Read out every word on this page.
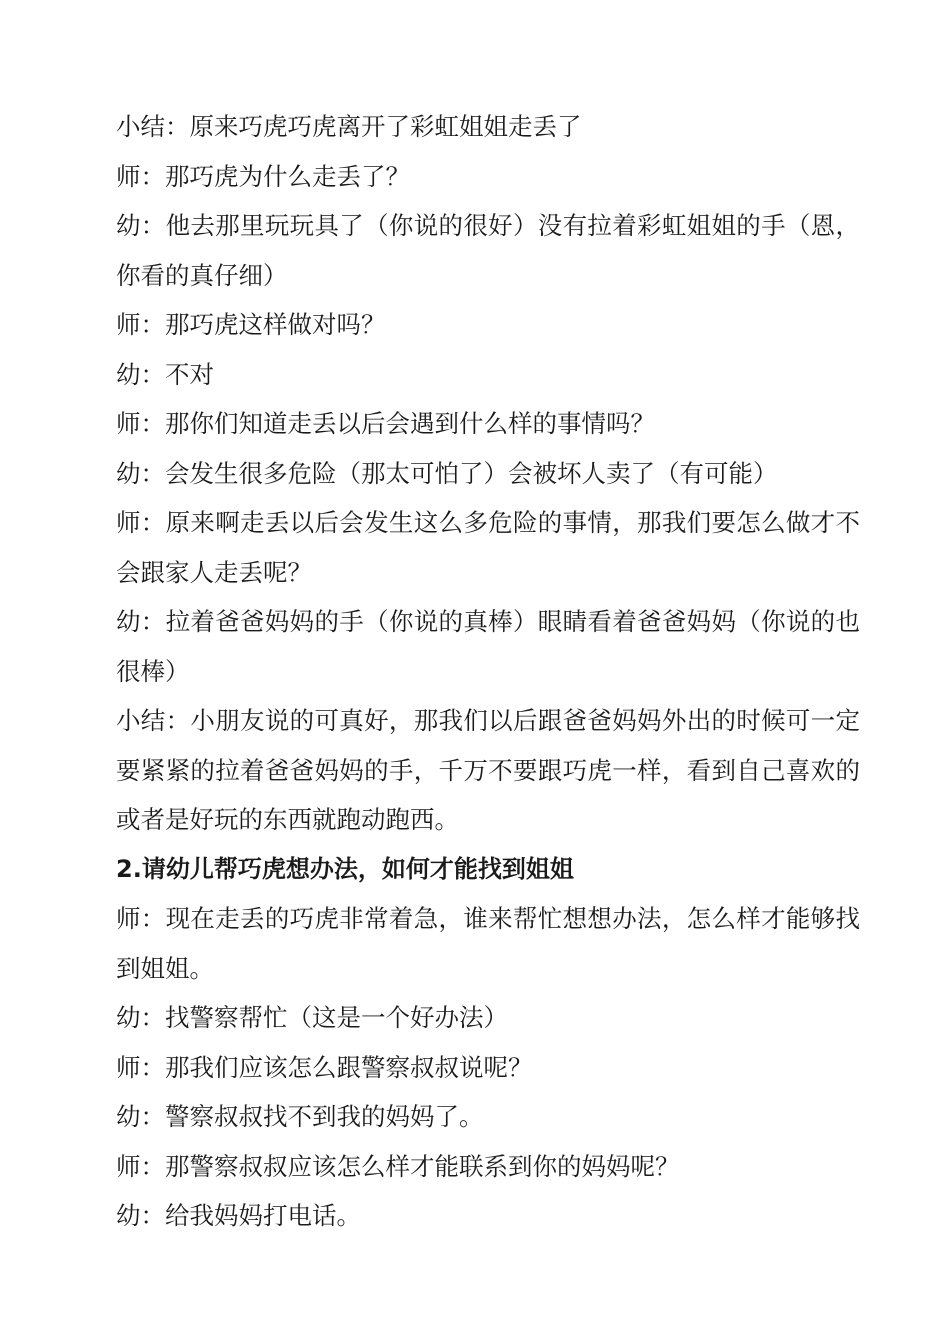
小结：原来巧虎巧虎离开了彩虹姐姐走丢了

师：那巧虎为什么走丢了？

幼：他去那里玩玩具了（你说的很好）没有拉着彩虹姐姐的手（恩，你看的真仔细）

师：那巧虎这样做对吗？

幼：不对

师：那你们知道走丢以后会遇到什么样的事情吗？

幼：会发生很多危险（那太可怕了）会被坏人卖了（有可能）

师：原来啊走丢以后会发生这么多危险的事情，那我们要怎么做才不会跟家人走丢呢？

幼：拉着爸爸妈妈的手（你说的真棒）眼睛看着爸爸妈妈（你说的也很棒）

小结：小朋友说的可真好，那我们以后跟爸爸妈妈外出的时候可一定要紧紧的拉着爸爸妈妈的手，千万不要跟巧虎一样，看到自己喜欢的或者是好玩的东西就跑动跑西。

2.请幼儿帮巧虎想办法，如何才能找到姐姐

师：现在走丢的巧虎非常着急，谁来帮忙想想办法，怎么样才能够找到姐姐。

幼：找警察帮忙（这是一个好办法）

师：那我们应该怎么跟警察叔叔说呢？

幼：警察叔叔找不到我的妈妈了。

师：那警察叔叔应该怎么样才能联系到你的妈妈呢？

幼：给我妈妈打电话。
